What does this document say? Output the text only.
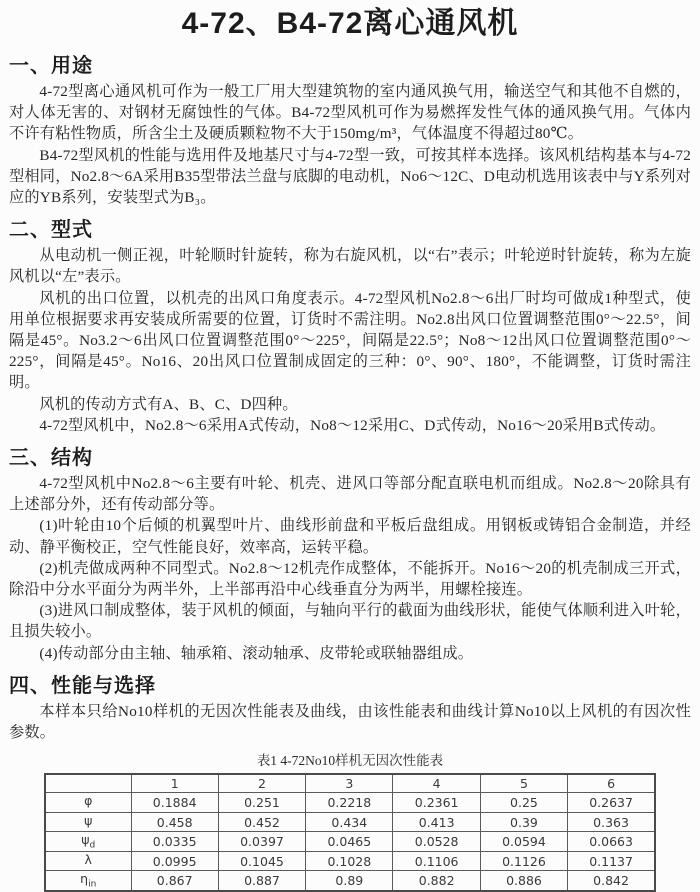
4-72、B4-72离心通风机
一、用途

4-72型离心通风机可作为一般工厂用大型建筑物的室内通风换气用，输送空气和其他不自燃的，对人体无害的、对钢材无腐蚀性的气体。B4-72型风机可作为易燃挥发性气体的通风换气用。气体内不许有粘性物质，所含尘土及硬质颗粒物不大于150mg/m³，气体温度不得超过80℃。

B4-72型风机的性能与选用件及地基尺寸与4-72型一致，可按其样本选择。该风机结构基本与4-72型相同，No2.8～6A采用B35型带法兰盘与底脚的电动机，No6～12C、D电动机选用该表中与Y系列对应的YB系列，安装型式为B₃。

二、型式

从电动机一侧正视，叶轮顺时针旋转，称为右旋风机，以“右”表示；叶轮逆时针旋转，称为左旋风机以“左”表示。

风机的出口位置，以机壳的出风口角度表示。4-72型风机No2.8～6出厂时均可做成1种型式，使用单位根据要求再安装成所需要的位置，订货时不需注明。No2.8出风口位置调整范围0°～22.5°，间隔是45°。No3.2～6出风口位置调整范围0°～225°，间隔是22.5°；No8～12出风口位置调整范围0°～225°，间隔是45°。No16、20出风口位置制成固定的三种：0°、90°、180°，不能调整，订货时需注明。

风机的传动方式有A、B、C、D四种。

4-72型风机中，No2.8～6采用A式传动，No8～12采用C、D式传动，No16～20采用B式传动。

三、结构

4-72型风机中No2.8～6主要有叶轮、机壳、进风口等部分配直联电机而组成。No2.8～20除具有上述部分外，还有传动部分等。

(1)叶轮由10个后倾的机翼型叶片、曲线形前盘和平板后盘组成。用钢板或铸铝合金制造，并经动、静平衡校正，空气性能良好，效率高，运转平稳。

(2)机壳做成两种不同型式。No2.8～12机壳作成整体，不能拆开。No16～20的机壳制成三开式，除沿中分水平面分为两半外，上半部再沿中心线垂直分为两半，用螺栓接连。

(3)进风口制成整体，装于风机的倾面，与轴向平行的截面为曲线形状，能使气体顺利进入叶轮，且损失较小。

(4)传动部分由主轴、轴承箱、滚动轴承、皮带轮或联轴器组成。

四、性能与选择

本样本只给No10样机的无因次性能表及曲线，由该性能表和曲线计算No10以上风机的有因次性参数。

表1 4-72No10样机无因次性能表
	1	2	3	4	5	6
φ	0.1884	0.251	0.2218	0.2361	0.25	0.2637
ψ	0.458	0.452	0.434	0.413	0.39	0.363
$\psi_d$	0.0335	0.0397	0.0465	0.0528	0.0594	0.0663
λ	0.0995	0.1045	0.1028	0.1106	0.1126	0.1137
$\eta_{in}$	0.867	0.887	0.89	0.882	0.886	0.842
